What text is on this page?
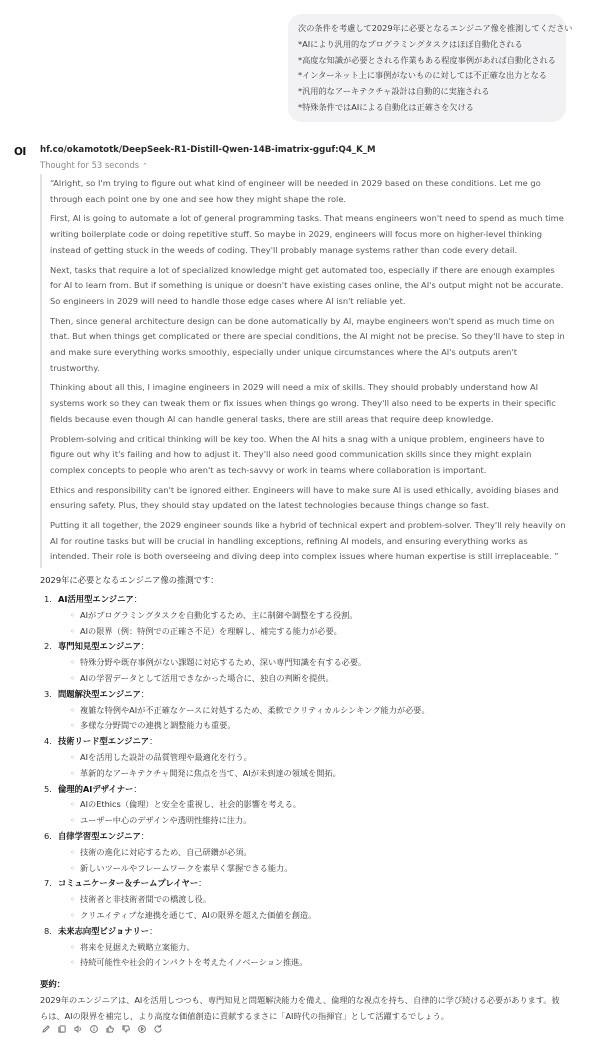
次の条件を考慮して2029年に必要となるエンジニア像を推測してください
*AIにより汎用的なプログラミングタスクはほぼ自動化される
*高度な知識が必要とされる作業もある程度事例があれば自動化される
*インターネット上に事例がないものに対しては不正確な出力となる
*汎用的なアーキテクチャ設計は自動的に実施される
*特殊条件ではAIによる自動化は正確さを欠ける
OI	hf.co/okamototk/DeepSeek-R1-Distill-Qwen-14B-imatrix-gguf:Q4_K_M
Thought for 53 seconds ⌃

“Alright, so I'm trying to figure out what kind of engineer will be needed in 2029 based on these conditions. Let me go through each point one by one and see how they might shape the role.

First, AI is going to automate a lot of general programming tasks. That means engineers won't need to spend as much time writing boilerplate code or doing repetitive stuff. So maybe in 2029, engineers will focus more on higher-level thinking instead of getting stuck in the weeds of coding. They'll probably manage systems rather than code every detail.

Next, tasks that require a lot of specialized knowledge might get automated too, especially if there are enough examples for AI to learn from. But if something is unique or doesn't have existing cases online, the AI's output might not be accurate. So engineers in 2029 will need to handle those edge cases where AI isn't reliable yet.

Then, since general architecture design can be done automatically by AI, maybe engineers won't spend as much time on that. But when things get complicated or there are special conditions, the AI might not be precise. So they'll have to step in and make sure everything works smoothly, especially under unique circumstances where the AI's outputs aren't trustworthy.

Thinking about all this, I imagine engineers in 2029 will need a mix of skills. They should probably understand how AI systems work so they can tweak them or fix issues when things go wrong. They'll also need to be experts in their specific fields because even though AI can handle general tasks, there are still areas that require deep knowledge.

Problem-solving and critical thinking will be key too. When the AI hits a snag with a unique problem, engineers have to figure out why it's failing and how to adjust it. They'll also need good communication skills since they might explain complex concepts to people who aren't as tech-savvy or work in teams where collaboration is important.

Ethics and responsibility can't be ignored either. Engineers will have to make sure AI is used ethically, avoiding biases and ensuring safety. Plus, they should stay updated on the latest technologies because things change so fast.

Putting it all together, the 2029 engineer sounds like a hybrid of technical expert and problem-solver. They'll rely heavily on AI for routine tasks but will be crucial in handling exceptions, refining AI models, and ensuring everything works as intended. Their role is both overseeing and diving deep into complex issues where human expertise is still irreplaceable. ”

2029年に必要となるエンジニア像の推測です：
1. AI活用型エンジニア：
◦ AIがプログラミングタスクを自動化するため、主に制御や調整をする役割。
◦ AIの限界（例：特例での正確さ不足）を理解し、補完する能力が必要。
2. 専門知見型エンジニア：
◦ 特殊分野や既存事例がない課題に対応するため、深い専門知識を有する必要。
◦ AIの学習データとして活用できなかった場合に、独自の判断を提供。
3. 問題解決型エンジニア：
◦ 複雑な特例やAIが不正確なケースに対処するため、柔軟でクリティカルシンキング能力が必要。
◦ 多様な分野間での連携と調整能力も重要。
4. 技術リード型エンジニア：
◦ AIを活用した設計の品質管理や最適化を行う。
◦ 革新的なアーキテクチャ開発に焦点を当て、AIが未到達の領域を開拓。
5. 倫理的AIデザイナー：
◦ AIのEthics（倫理）と安全を重視し、社会的影響を考える。
◦ ユーザー中心のデザインや透明性維持に注力。
6. 自律学習型エンジニア：
◦ 技術の進化に対応するため、自己研鑽が必須。
◦ 新しいツールやフレームワークを素早く掌握できる能力。
7. コミュニケーター＆チームプレイヤー：
◦ 技術者と非技術者間での橋渡し役。
◦ クリエイティブな連携を通じて、AIの限界を超えた価値を創造。
8. 未来志向型ビジョナリー：
◦ 将来を見据えた戦略立案能力。
◦ 持続可能性や社会的インパクトを考えたイノベーション推進。
要約：
2029年のエンジニアは、AIを活用しつつも、専門知見と問題解決能力を備え、倫理的な視点を持ち、自律的に学び続ける必要があります。彼らは、AIの限界を補完し、より高度な価値創造に貢献するまさに「AI時代の指揮官」として活躍するでしょう。
